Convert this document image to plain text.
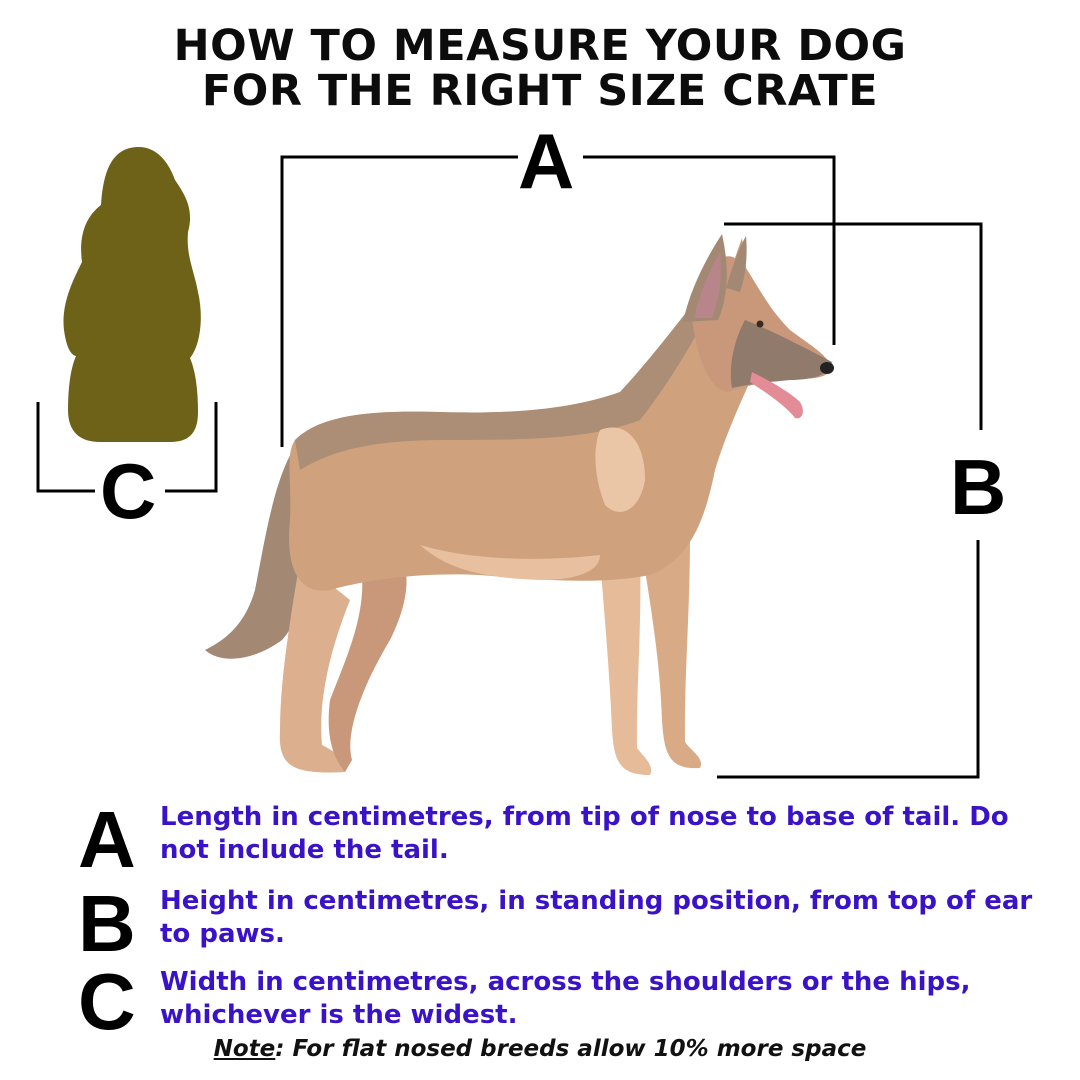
HOW TO MEASURE YOUR DOG
FOR THE RIGHT SIZE CRATE
A
B
C
A Length in centimetres, from tip of nose to base of tail. Do not include the tail.
B Height in centimetres, in standing position, from top of ear to paws.
C Width in centimetres, across the shoulders or the hips, whichever is the widest.
Note: For flat nosed breeds allow 10% more space
